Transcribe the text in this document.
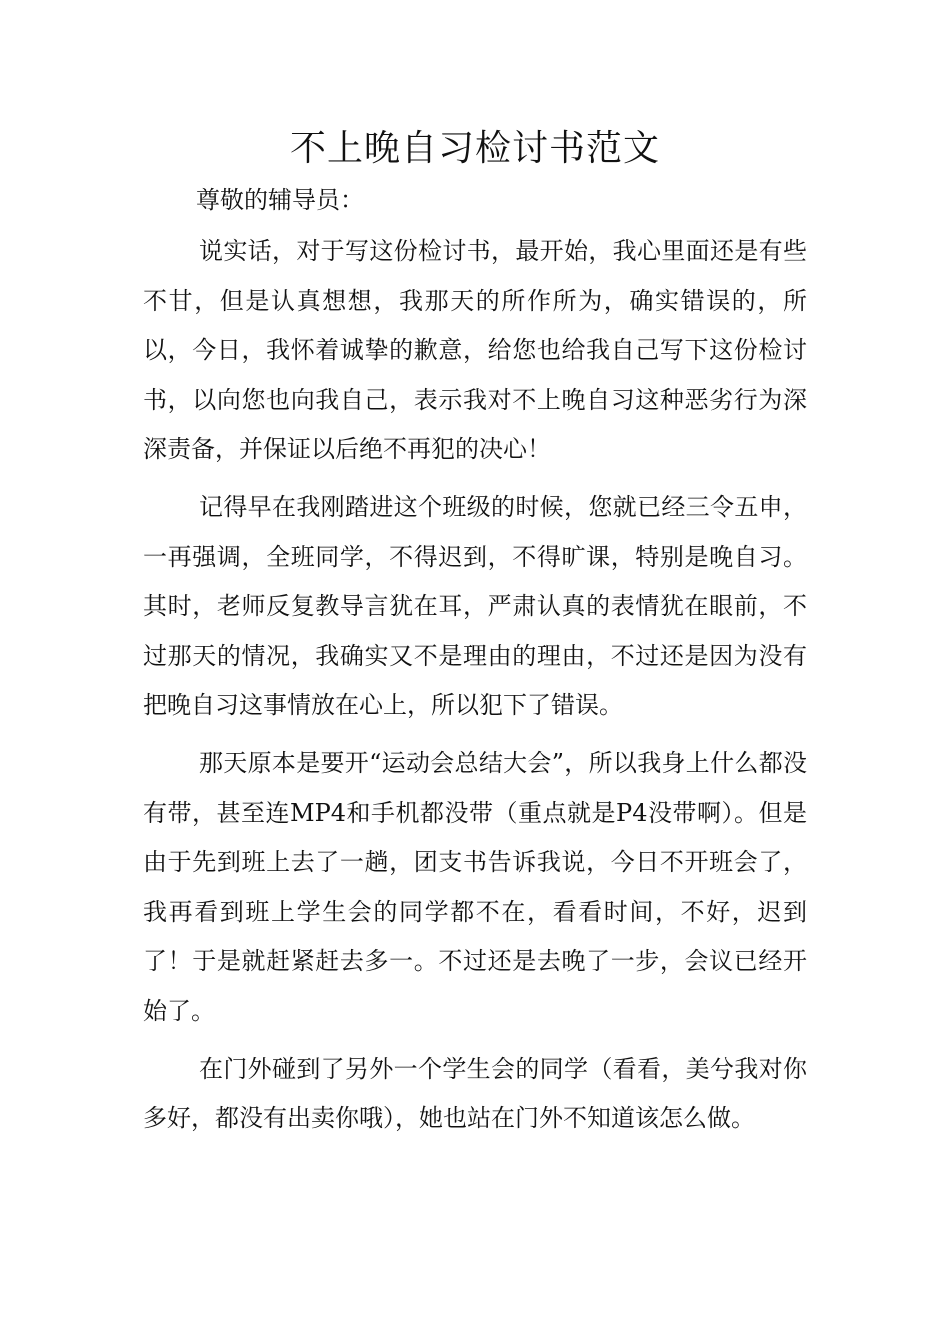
不上晚自习检讨书范文
尊敬的辅导员：

说实话，对于写这份检讨书，最开始，我心里面还是有些不甘，但是认真想想，我那天的所作所为，确实错误的，所以，今日，我怀着诚挚的歉意，给您也给我自己写下这份检讨书，以向您也向我自己，表示我对不上晚自习这种恶劣行为深深责备，并保证以后绝不再犯的决心！

记得早在我刚踏进这个班级的时候，您就已经三令五申，一再强调，全班同学，不得迟到，不得旷课，特别是晚自习。其时，老师反复教导言犹在耳，严肃认真的表情犹在眼前，不过那天的情况，我确实又不是理由的理由，不过还是因为没有把晚自习这事情放在心上，所以犯下了错误。

那天原本是要开“运动会总结大会”，所以我身上什么都没有带，甚至连MP4和手机都没带（重点就是P4没带啊）。但是由于先到班上去了一趟，团支书告诉我说，今日不开班会了，我再看到班上学生会的同学都不在，看看时间，不好，迟到了！于是就赶紧赶去多一。不过还是去晚了一步，会议已经开始了。

在门外碰到了另外一个学生会的同学（看看，美兮我对你多好，都没有出卖你哦），她也站在门外不知道该怎么做。
